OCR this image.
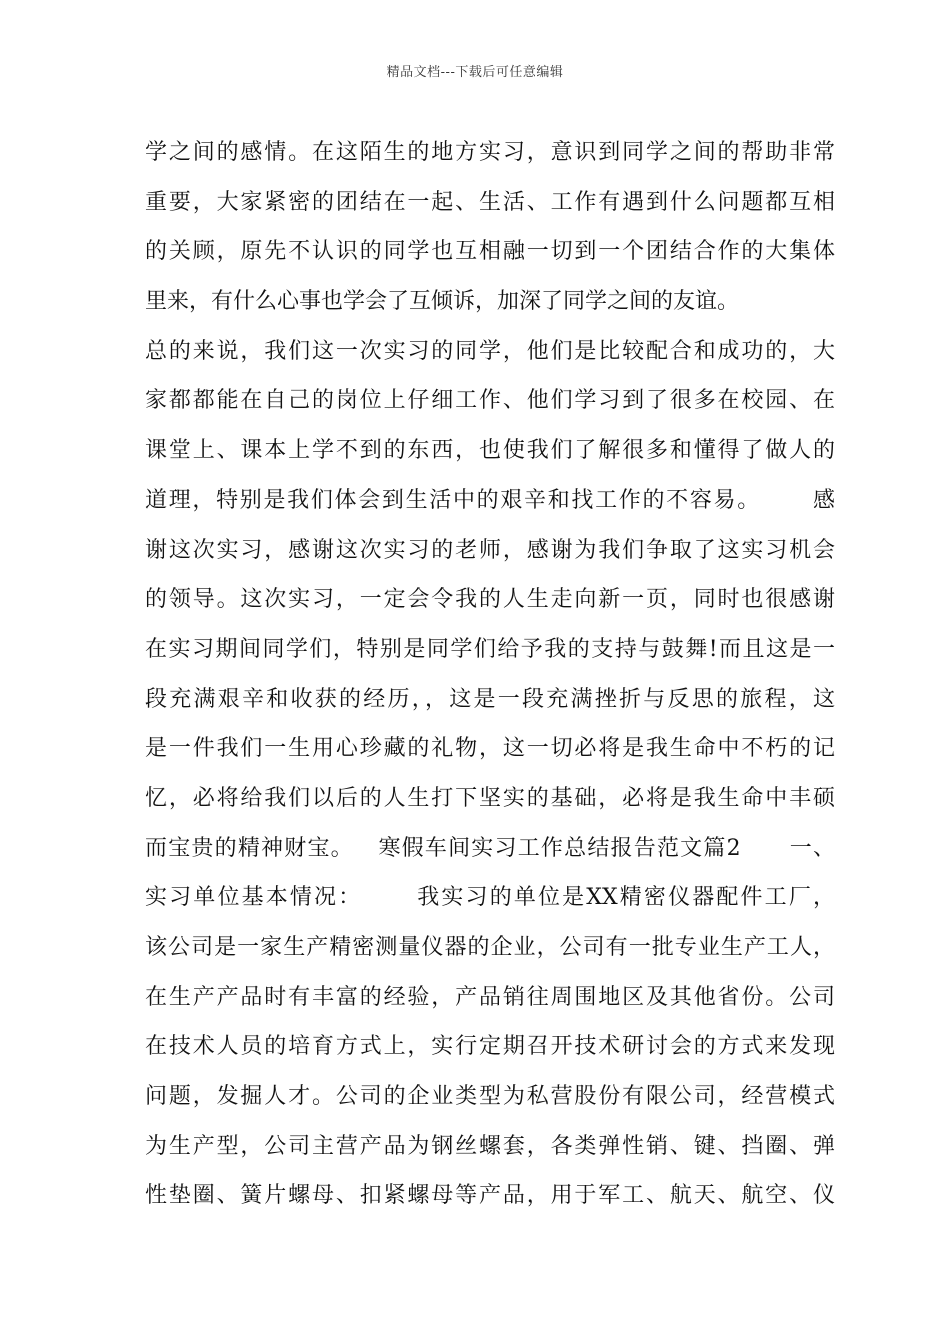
精品文档---下载后可任意编辑
学之间的感情。在这陌生的地方实习，意识到同学之间的帮助非常
重要，大家紧密的团结在一起、生活、工作有遇到什么问题都互相
的关顾，原先不认识的同学也互相融一切到一个团结合作的大集体
里来，有什么心事也学会了互倾诉，加深了同学之间的友谊。
总的来说，我们这一次实习的同学，他们是比较配合和成功的，大
家都都能在自己的岗位上仔细工作、他们学习到了很多在校园、在
课堂上、课本上学不到的东西，也使我们了解很多和懂得了做人的
道理，特别是我们体会到生活中的艰辛和找工作的不容易。      感
谢这次实习，感谢这次实习的老师，感谢为我们争取了这实习机会
的领导。这次实习，一定会令我的人生走向新一页，同时也很感谢
在实习期间同学们，特别是同学们给予我的支持与鼓舞!而且这是一
段充满艰辛和收获的经历，，这是一段充满挫折与反思的旅程，这
是一件我们一生用心珍藏的礼物，这一切必将是我生命中不朽的记
忆，必将给我们以后的人生打下坚实的基础，必将是我生命中丰硕
而宝贵的精神财宝。   寒假车间实习工作总结报告范文篇2      一、
实习单位基本情况：      我实习的单位是XX精密仪器配件工厂，
该公司是一家生产精密测量仪器的企业，公司有一批专业生产工人，
在生产产品时有丰富的经验，产品销往周围地区及其他省份。公司
在技术人员的培育方式上，实行定期召开技术研讨会的方式来发现
问题，发掘人才。公司的企业类型为私营股份有限公司，经营模式
为生产型，公司主营产品为钢丝螺套，各类弹性销、键、挡圈、弹
性垫圈、簧片螺母、扣紧螺母等产品，用于军工、航天、航空、仪
